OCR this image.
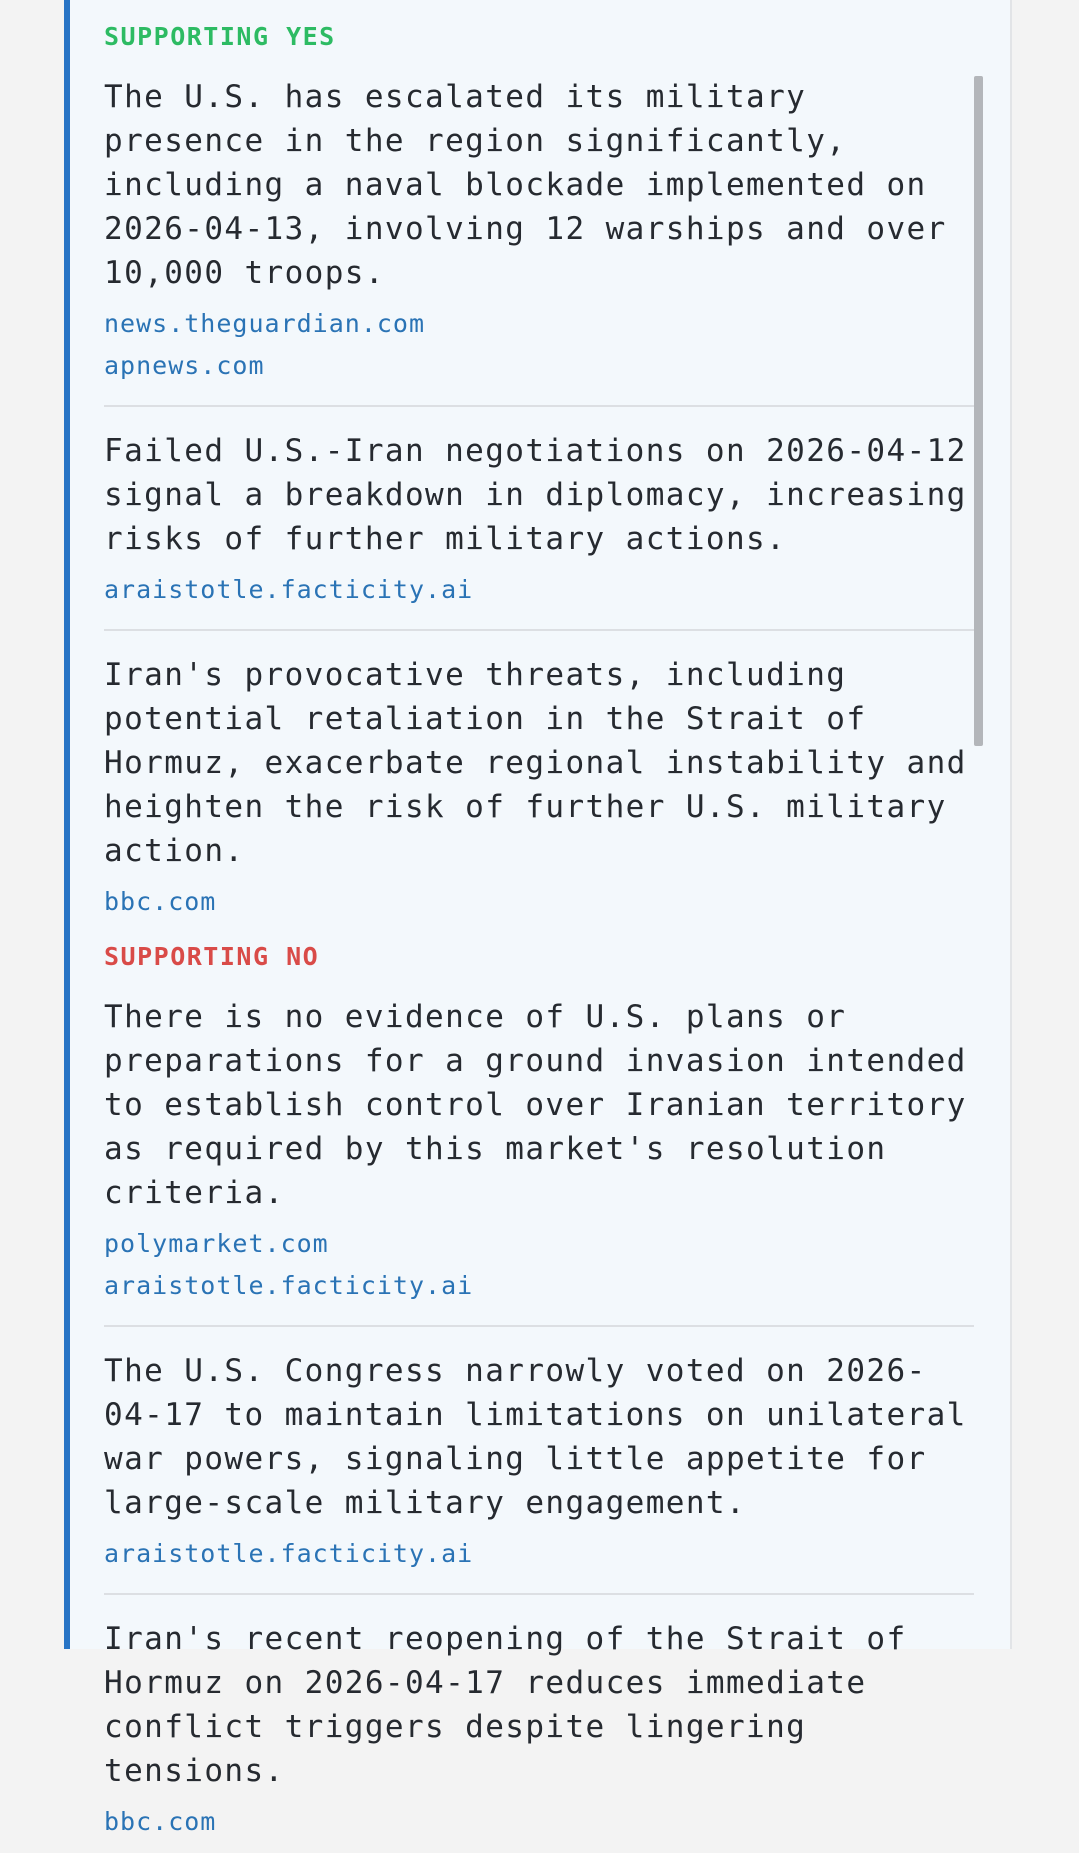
SUPPORTING YES

The U.S. has escalated its military presence in the region significantly, including a naval blockade implemented on 2026-04-13, involving 12 warships and over 10,000 troops.

news.theguardian.com
apnews.com

Failed U.S.-Iran negotiations on 2026-04-12 signal a breakdown in diplomacy, increasing risks of further military actions.

araistotle.facticity.ai

Iran's provocative threats, including potential retaliation in the Strait of Hormuz, exacerbate regional instability and heighten the risk of further U.S. military action.

bbc.com
SUPPORTING NO

There is no evidence of U.S. plans or preparations for a ground invasion intended to establish control over Iranian territory as required by this market's resolution criteria.

polymarket.com
araistotle.facticity.ai

The U.S. Congress narrowly voted on 2026-04-17 to maintain limitations on unilateral war powers, signaling little appetite for large-scale military engagement.

araistotle.facticity.ai

Iran's recent reopening of the Strait of Hormuz on 2026-04-17 reduces immediate conflict triggers despite lingering tensions.

bbc.com
